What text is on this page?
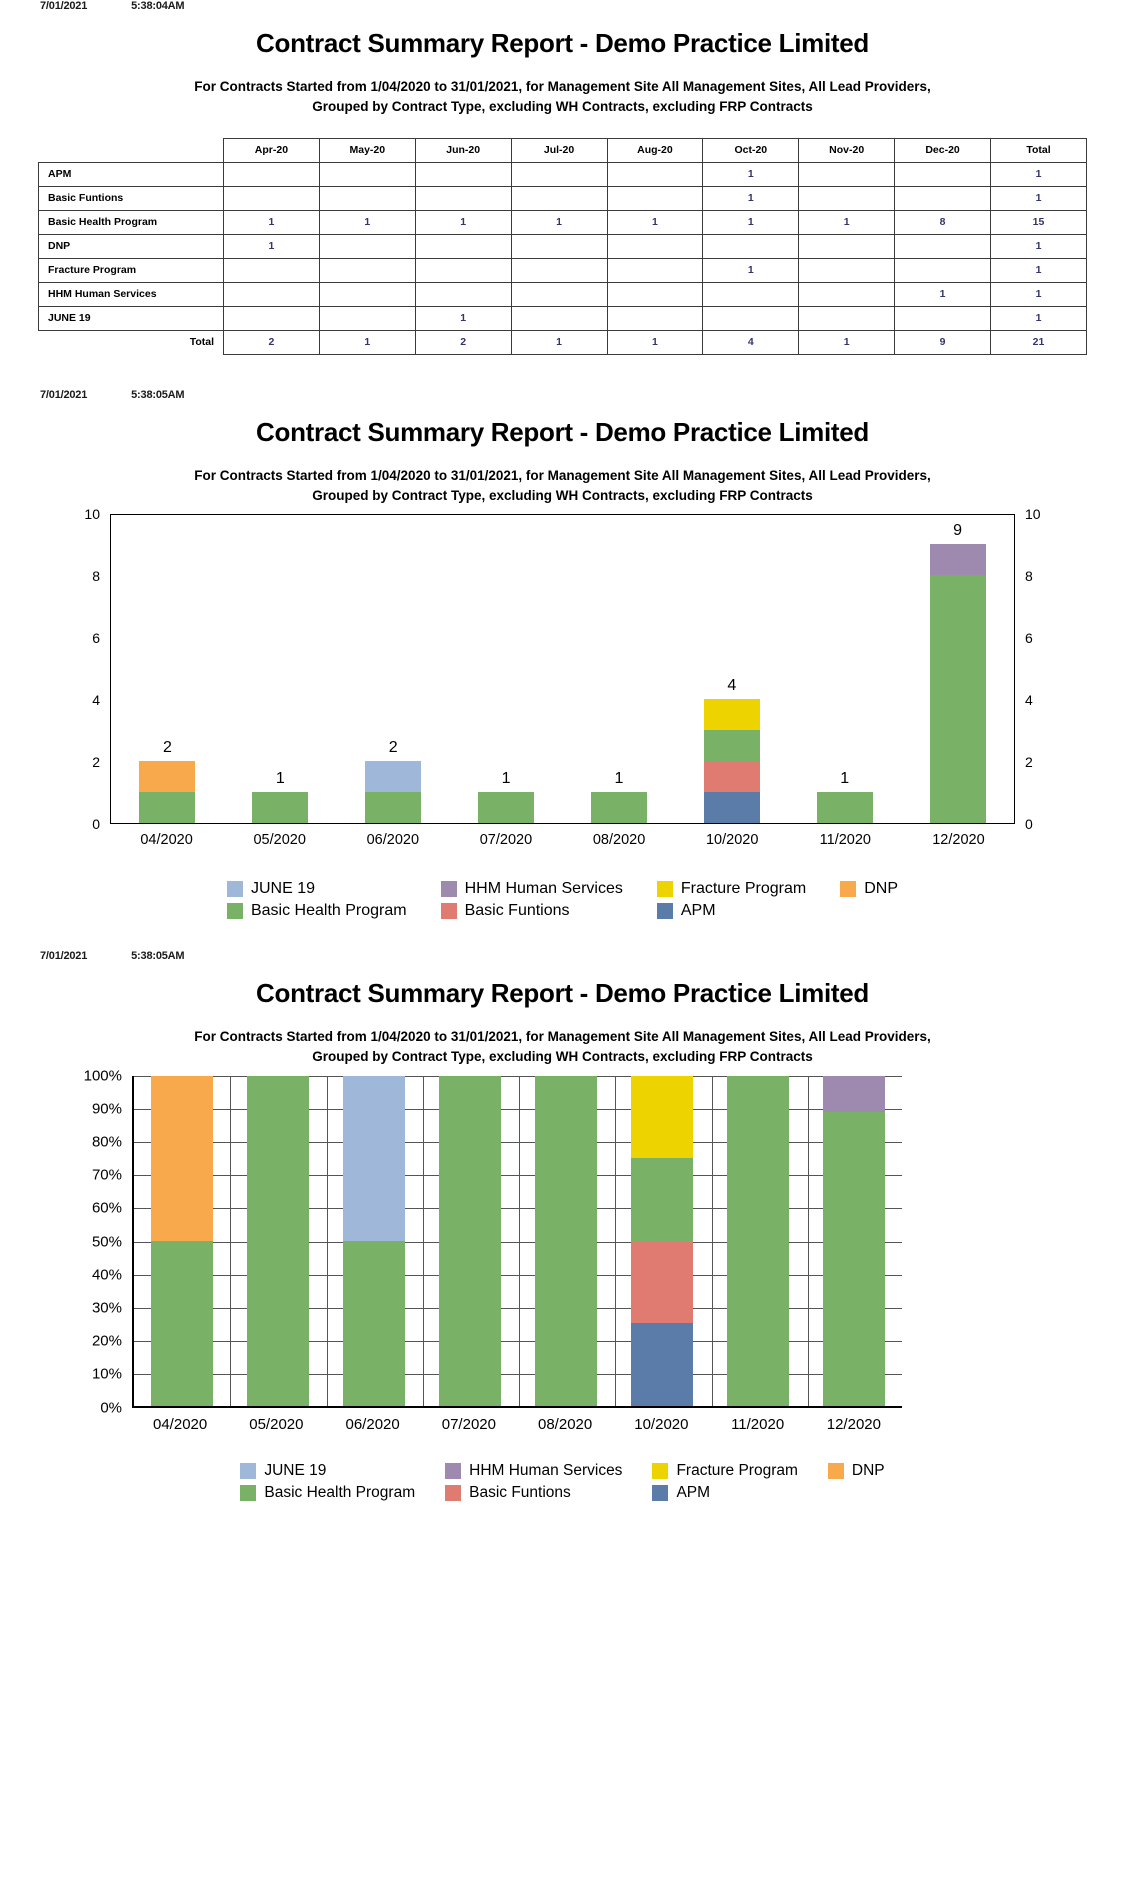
7/01/2021	5:38:04AM
Contract Summary Report - Demo Practice Limited
For Contracts Started from 1/04/2020 to 31/01/2021, for Management Site All Management Sites, All Lead Providers, Grouped by Contract Type, excluding WH Contracts, excluding FRP Contracts
	Apr-20	May-20	Jun-20	Jul-20	Aug-20	Oct-20	Nov-20	Dec-20	Total
APM						1			1
Basic Funtions						1			1
Basic Health Program	1	1	1	1	1	1	1	8	15
DNP	1								1
Fracture Program						1			1
HHM Human Services								1	1
JUNE 19			1						1
Total	2	1	2	1	1	4	1	9	21
7/01/2021	5:38:05AM
Contract Summary Report - Demo Practice Limited
For Contracts Started from 1/04/2020 to 31/01/2021, for Management Site All Management Sites, All Lead Providers, Grouped by Contract Type, excluding WH Contracts, excluding FRP Contracts
2
1
2
1	1
4
1
9
04/2020	05/2020	06/2020	07/2020	08/2020	10/2020	11/2020	12/2020
0	0
2	2
4	4
6	6
8	8
10	10
JUNE 19	HHM Human Services	Fracture Program	DNP
Basic Health Program	Basic Funtions	APM
7/01/2021	5:38:05AM
Contract Summary Report - Demo Practice Limited
For Contracts Started from 1/04/2020 to 31/01/2021, for Management Site All Management Sites, All Lead Providers, Grouped by Contract Type, excluding WH Contracts, excluding FRP Contracts
04/2020	05/2020	06/2020	07/2020	08/2020	10/2020	11/2020	12/2020
0%
10%
20%
30%
40%
50%
60%
70%
80%
90%
100%
JUNE 19	HHM Human Services	Fracture Program	DNP
Basic Health Program	Basic Funtions	APM
